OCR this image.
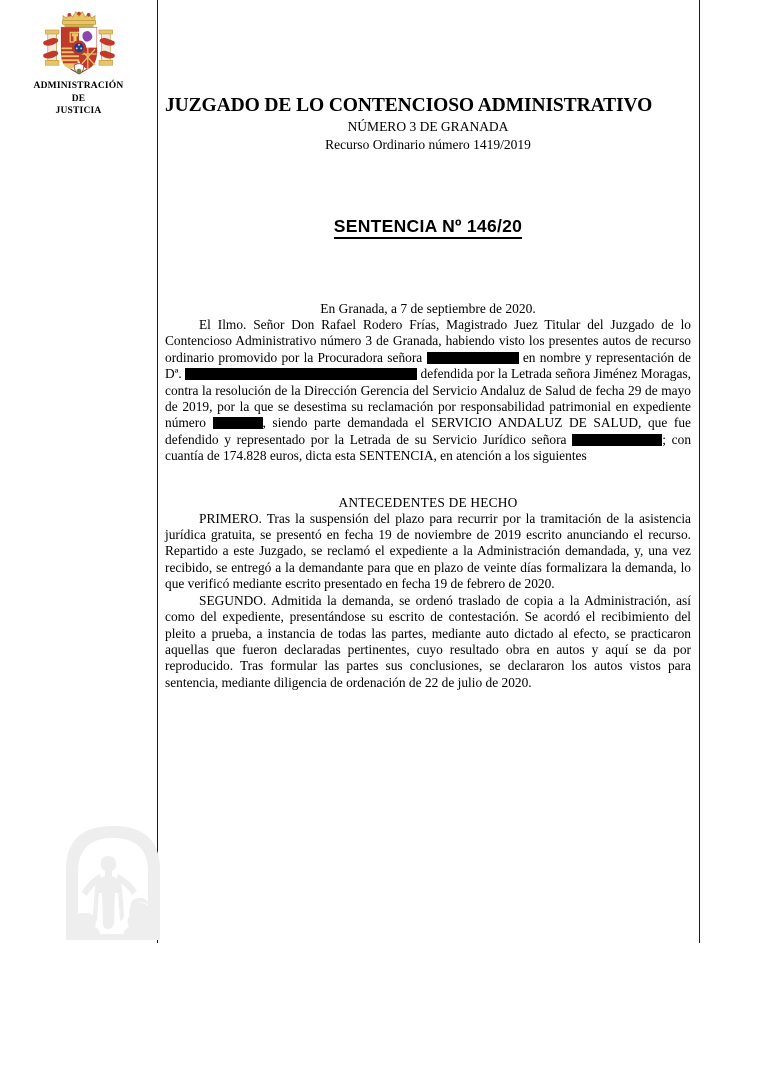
ADMINISTRACIÓN
DE
JUSTICIA	JUZGADO DE LO CONTENCIOSO ADMINISTRATIVO
NÚMERO 3 DE GRANADA
Recurso Ordinario número 1419/2019
SENTENCIA Nº 146/20
En Granada, a 7 de septiembre de 2020.

El Ilmo. Señor Don Rafael Rodero Frías, Magistrado Juez Titular del Juzgado de lo Contencioso Administrativo número 3 de Granada, habiendo visto los presentes autos de recurso ordinario promovido por la Procuradora señora	en nombre y representación de Dª.	defendida por la Letrada señora Jiménez Moragas, contra la resolución de la Dirección Gerencia del Servicio Andaluz de Salud de fecha 29 de mayo de 2019, por la que se desestima su reclamación por responsabilidad patrimonial en expediente número	, siendo parte demandada el SERVICIO ANDALUZ DE SALUD, que fue defendido y representado por la Letrada de su Servicio Jurídico señora	; con cuantía de 174.828 euros, dicta esta SENTENCIA, en atención a los siguientes

ANTECEDENTES DE HECHO

PRIMERO. Tras la suspensión del plazo para recurrir por la tramitación de la asistencia jurídica gratuita, se presentó en fecha 19 de noviembre de 2019 escrito anunciando el recurso. Repartido a este Juzgado, se reclamó el expediente a la Administración demandada, y, una vez recibido, se entregó a la demandante para que en plazo de veinte días formalizara la demanda, lo que verificó mediante escrito presentado en fecha 19 de febrero de 2020.

SEGUNDO. Admitida la demanda, se ordenó traslado de copia a la Administración, así como del expediente, presentándose su escrito de contestación. Se acordó el recibimiento del pleito a prueba, a instancia de todas las partes, mediante auto dictado al efecto, se practicaron aquellas que fueron declaradas pertinentes, cuyo resultado obra en autos y aquí se da por reproducido. Tras formular las partes sus conclusiones, se declararon los autos vistos para sentencia, mediante diligencia de ordenación de 22 de julio de 2020.
